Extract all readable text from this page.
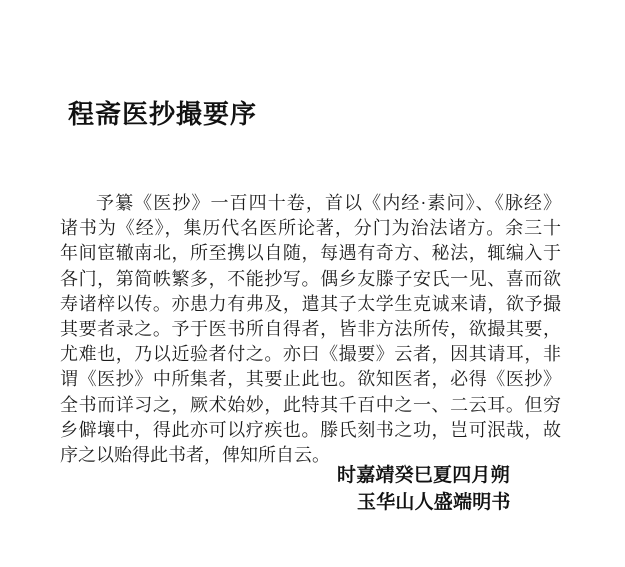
程斋医抄撮要序
予纂《医抄》一百四十卷，首以《内经·素问》、《脉经》
诸书为《经》，集历代名医所论著，分门为治法诸方。余三十
年间宦辙南北，所至携以自随，每遇有奇方、秘法，辄编入于
各门，第简帙繁多，不能抄写。偶乡友滕子安氏一见、喜而欲
寿诸梓以传。亦患力有弗及，遣其子太学生克诚来请，欲予撮
其要者录之。予于医书所自得者，皆非方法所传，欲撮其要，
尤难也，乃以近验者付之。亦曰《撮要》云者，因其请耳，非
谓《医抄》中所集者，其要止此也。欲知医者，必得《医抄》
全书而详习之，厥术始妙，此特其千百中之一、二云耳。但穷
乡僻壤中，得此亦可以疗疾也。滕氏刻书之功，岂可泯哉，故
序之以贻得此书者，俾知所自云。
时嘉靖癸巳夏四月朔
玉华山人盛端明书
